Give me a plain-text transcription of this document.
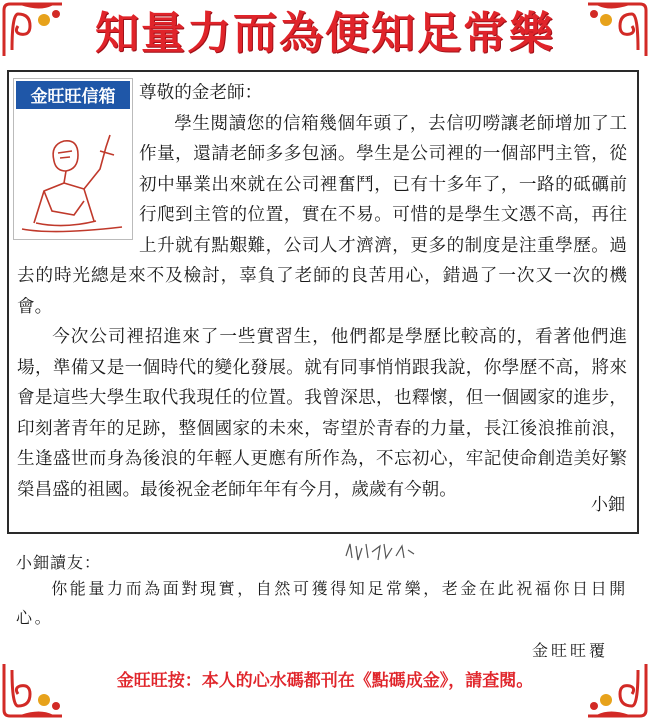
知量力而為便知足常樂
金旺旺信箱	尊敬的金老師：

學生閱讀您的信箱幾個年頭了，去信叨嘮讓老師增加了工作量，還請老師多多包涵。學生是公司裡的一個部門主管，從初中畢業出來就在公司裡奮鬥，已有十多年了，一路的砥礪前行爬到主管的位置，實在不易。可惜的是學生文憑不高，再往上升就有點艱難，公司人才濟濟，更多的制度是注重學歷。過去的時光總是來不及檢討，辜負了老師的良苦用心，錯過了一次又一次的機會。

今次公司裡招進來了一些實習生，他們都是學歷比較高的，看著他們進場，準備又是一個時代的變化發展。就有同事悄悄跟我說，你學歷不高，將來會是這些大學生取代我現任的位置。我曾深思，也釋懷，但一個國家的進步，印刻著青年的足跡，整個國家的未來，寄望於青春的力量，長江後浪推前浪，生逢盛世而身為後浪的年輕人更應有所作為，不忘初心，牢記使命創造美好繁榮昌盛的祖國。最後祝金老師年年有今月，歲歲有今朝。

小鈿
小鈿讀友：
你能量力而為面對現實，自然可獲得知足常樂，老金在此祝福你日日開心。
金旺旺覆
金旺旺按：本人的心水碼都刊在《點碼成金》，請查閱。
